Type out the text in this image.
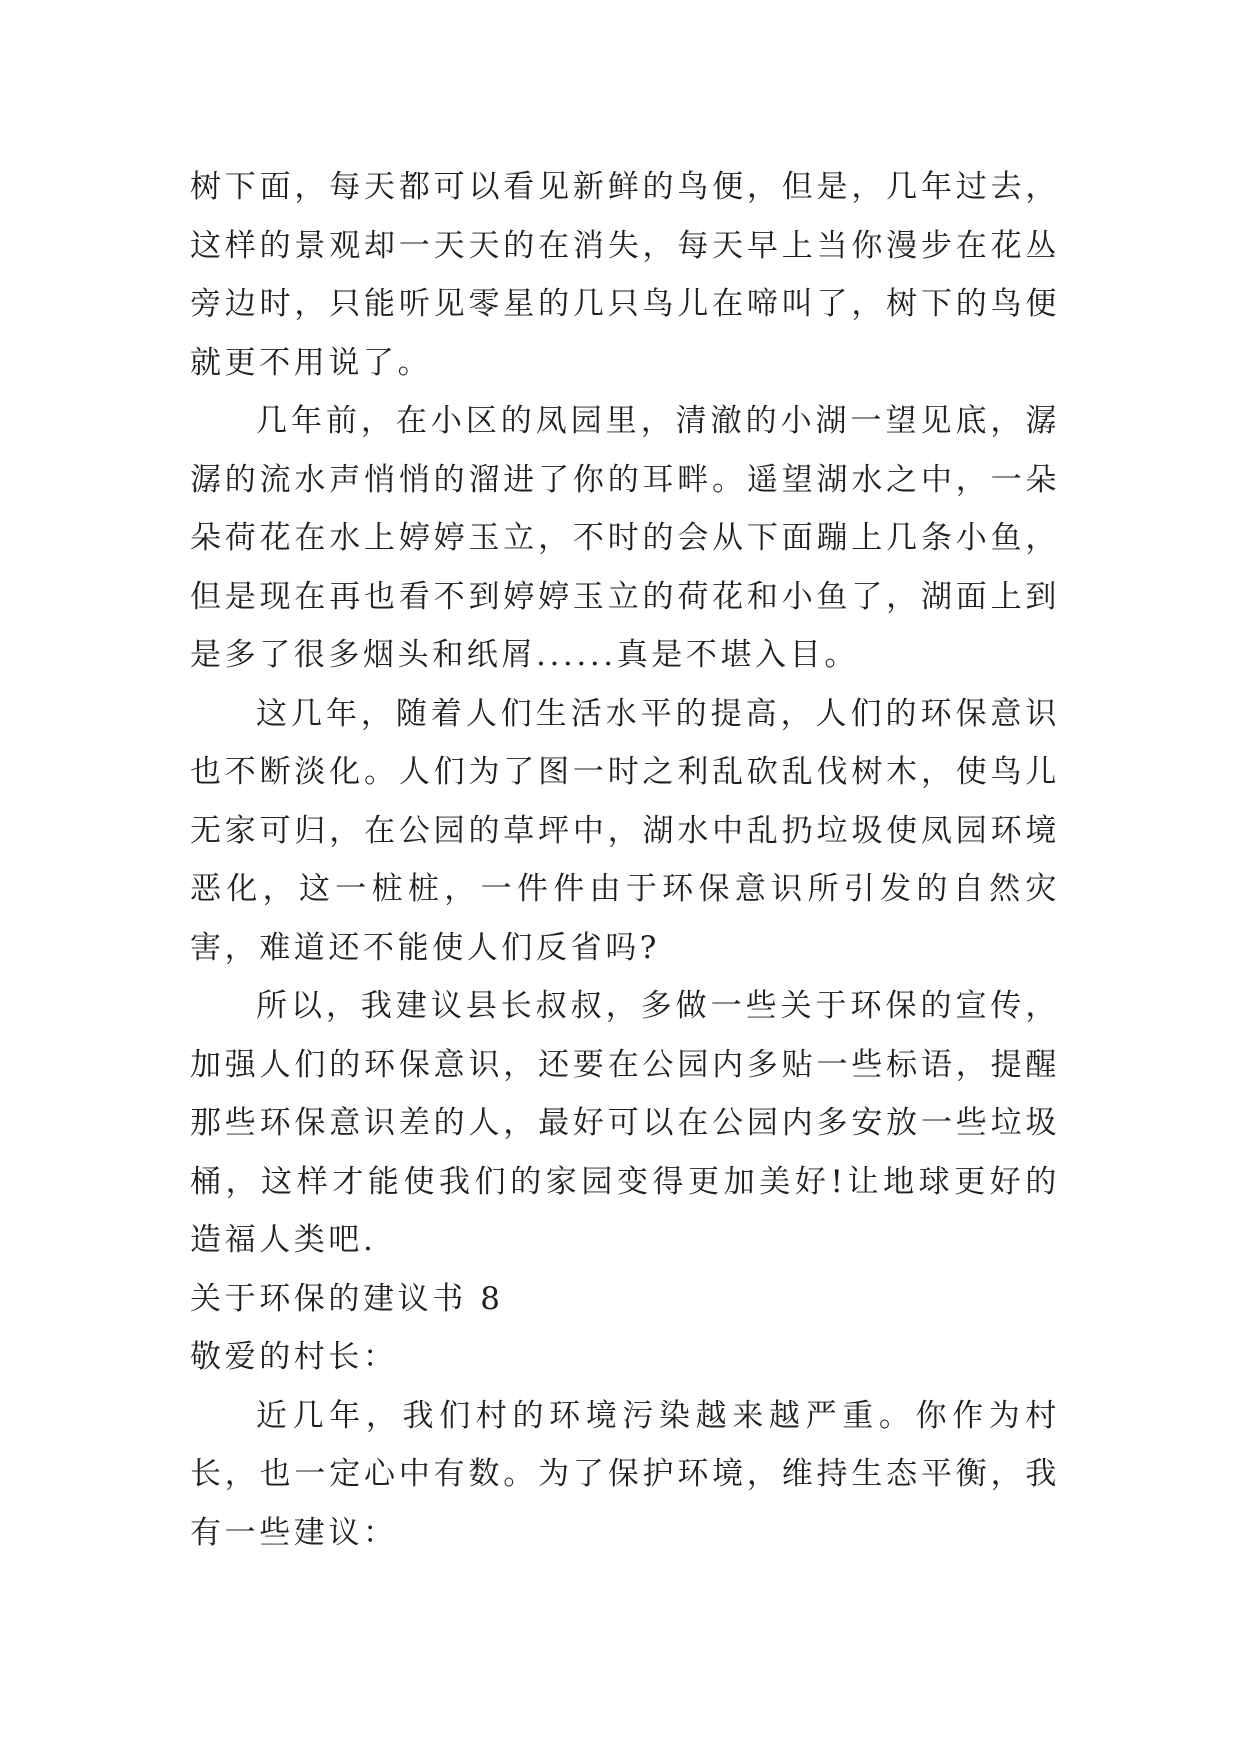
树下面，每天都可以看见新鲜的鸟便，但是，几年过去，这样的景观却一天天的在消失，每天早上当你漫步在花丛旁边时，只能听见零星的几只鸟儿在啼叫了，树下的鸟便就更不用说了。

几年前，在小区的凤园里，清澈的小湖一望见底，潺潺的流水声悄悄的溜进了你的耳畔。遥望湖水之中，一朵朵荷花在水上婷婷玉立，不时的会从下面蹦上几条小鱼，但是现在再也看不到婷婷玉立的荷花和小鱼了，湖面上到是多了很多烟头和纸屑......真是不堪入目。

这几年，随着人们生活水平的提高，人们的环保意识也不断淡化。人们为了图一时之利乱砍乱伐树木，使鸟儿无家可归，在公园的草坪中，湖水中乱扔垃圾使凤园环境恶化，这一桩桩，一件件由于环保意识所引发的自然灾害，难道还不能使人们反省吗?

所以，我建议县长叔叔，多做一些关于环保的宣传，加强人们的环保意识，还要在公园内多贴一些标语，提醒那些环保意识差的人，最好可以在公园内多安放一些垃圾桶，这样才能使我们的家园变得更加美好!让地球更好的造福人类吧.

关于环保的建议书 8

敬爱的村长：

近几年，我们村的环境污染越来越严重。你作为村长，也一定心中有数。为了保护环境，维持生态平衡，我有一些建议：
